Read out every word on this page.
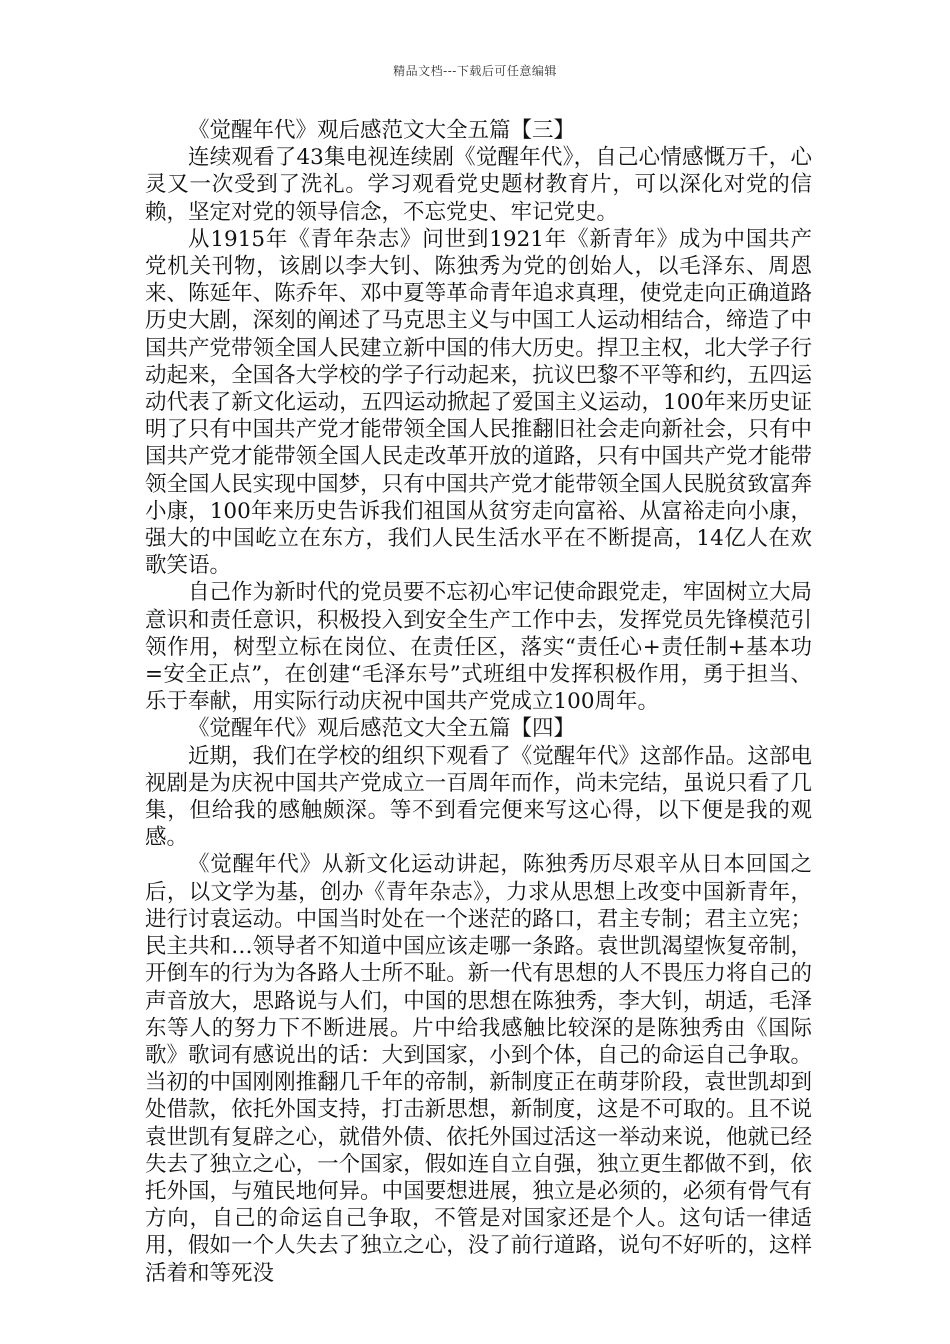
精品文档---下载后可任意编辑

《觉醒年代》观后感范文大全五篇【三】

连续观看了43集电视连续剧《觉醒年代》，自己心情感慨万千，心灵又一次受到了洗礼。学习观看党史题材教育片，可以深化对党的信赖，坚定对党的领导信念，不忘党史、牢记党史。

从1915年《青年杂志》问世到1921年《新青年》成为中国共产党机关刊物，该剧以李大钊、陈独秀为党的创始人，以毛泽东、周恩来、陈延年、陈乔年、邓中夏等革命青年追求真理，使党走向正确道路历史大剧，深刻的阐述了马克思主义与中国工人运动相结合，缔造了中国共产党带领全国人民建立新中国的伟大历史。捍卫主权，北大学子行动起来，全国各大学校的学子行动起来，抗议巴黎不平等和约，五四运动代表了新文化运动，五四运动掀起了爱国主义运动，100年来历史证明了只有中国共产党才能带领全国人民推翻旧社会走向新社会，只有中国共产党才能带领全国人民走改革开放的道路，只有中国共产党才能带领全国人民实现中国梦，只有中国共产党才能带领全国人民脱贫致富奔小康，100年来历史告诉我们祖国从贫穷走向富裕、从富裕走向小康，强大的中国屹立在东方，我们人民生活水平在不断提高，14亿人在欢歌笑语。

自己作为新时代的党员要不忘初心牢记使命跟党走，牢固树立大局意识和责任意识，积极投入到安全生产工作中去，发挥党员先锋模范引领作用，树型立标在岗位、在责任区，落实“责任心+责任制+基本功=安全正点”，在创建“毛泽东号”式班组中发挥积极作用，勇于担当、乐于奉献，用实际行动庆祝中国共产党成立100周年。

《觉醒年代》观后感范文大全五篇【四】

近期，我们在学校的组织下观看了《觉醒年代》这部作品。这部电视剧是为庆祝中国共产党成立一百周年而作，尚未完结，虽说只看了几集，但给我的感触颇深。等不到看完便来写这心得，以下便是我的观感。

《觉醒年代》从新文化运动讲起，陈独秀历尽艰辛从日本回国之后，以文学为基，创办《青年杂志》，力求从思想上改变中国新青年，进行讨袁运动。中国当时处在一个迷茫的路口，君主专制；君主立宪；民主共和…领导者不知道中国应该走哪一条路。袁世凯渴望恢复帝制，开倒车的行为为各路人士所不耻。新一代有思想的人不畏压力将自己的声音放大，思路说与人们，中国的思想在陈独秀，李大钊，胡适，毛泽东等人的努力下不断进展。片中给我感触比较深的是陈独秀由《国际歌》歌词有感说出的话：大到国家，小到个体，自己的命运自己争取。当初的中国刚刚推翻几千年的帝制，新制度正在萌芽阶段，袁世凯却到处借款，依托外国支持，打击新思想，新制度，这是不可取的。且不说袁世凯有复辟之心，就借外债、依托外国过活这一举动来说，他就已经失去了独立之心，一个国家，假如连自立自强，独立更生都做不到，依托外国，与殖民地何异。中国要想进展，独立是必须的，必须有骨气有方向，自己的命运自己争取，不管是对国家还是个人。这句话一律适用，假如一个人失去了独立之心，没了前行道路，说句不好听的，这样活着和等死没
